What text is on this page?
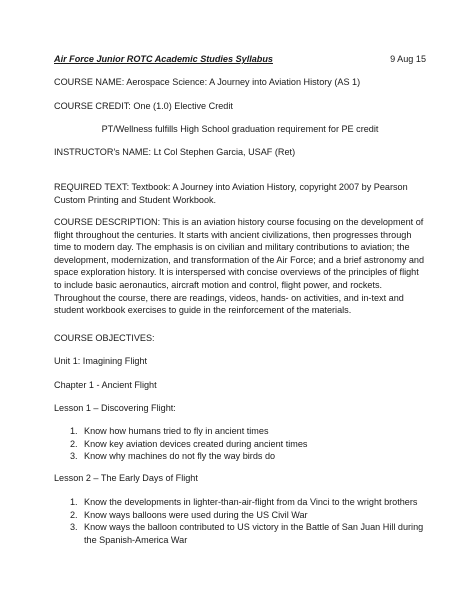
Air Force Junior ROTC Academic Studies Syllabus	9 Aug 15

COURSE NAME: Aerospace Science: A Journey into Aviation History (AS 1)

COURSE CREDIT: One (1.0) Elective Credit

PT/Wellness fulfills High School graduation requirement for PE credit

INSTRUCTOR's NAME: Lt Col Stephen Garcia, USAF (Ret)

REQUIRED TEXT: Textbook: A Journey into Aviation History, copyright 2007 by Pearson Custom Printing and Student Workbook.

COURSE DESCRIPTION: This is an aviation history course focusing on the development of flight throughout the centuries. It starts with ancient civilizations, then progresses through time to modern day. The emphasis is on civilian and military contributions to aviation; the development, modernization, and transformation of the Air Force; and a brief astronomy and space exploration history. It is interspersed with concise overviews of the principles of flight to include basic aeronautics, aircraft motion and control, flight power, and rockets. Throughout the course, there are readings, videos, hands- on activities, and in-text and student workbook exercises to guide in the reinforcement of the materials.

COURSE OBJECTIVES:

Unit 1: Imagining Flight

Chapter 1 - Ancient Flight

Lesson 1 – Discovering Flight:

1. Know how humans tried to fly in ancient times
2. Know key aviation devices created during ancient times
3. Know why machines do not fly the way birds do

Lesson 2 – The Early Days of Flight

1. Know the developments in lighter-than-air-flight from da Vinci to the wright brothers
2. Know ways balloons were used during the US Civil War
3. Know ways the balloon contributed to US victory in the Battle of San Juan Hill during the Spanish-America War
